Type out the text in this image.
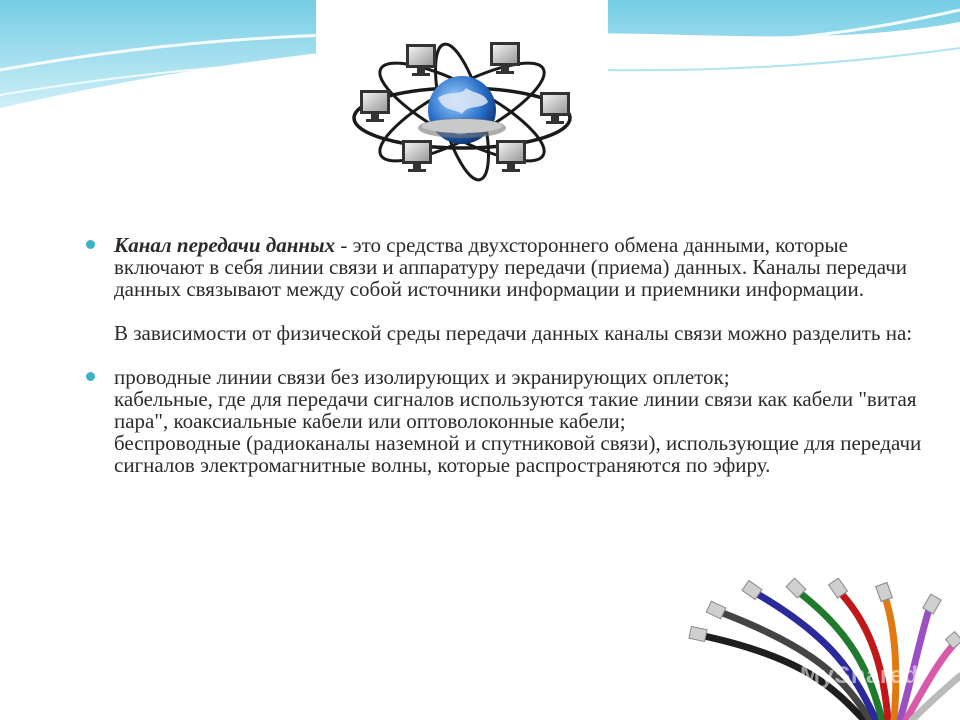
Канал передачи данных - это средства двухстороннего обмена данными, которые включают в себя линии связи и аппаратуру передачи (приема) данных. Каналы передачи данных связывают между собой источники информации и приемники информации.
В зависимости от физической среды передачи данных каналы связи можно разделить на:
проводные линии связи без изолирующих и экранирующих оплеток;
кабельные, где для передачи сигналов используются такие линии связи как кабели "витая пара", коаксиальные кабели или оптоволоконные кабели;
беспроводные (радиоканалы наземной и спутниковой связи), использующие для передачи сигналов электромагнитные волны, которые распространяются по эфиру.
MyShared
